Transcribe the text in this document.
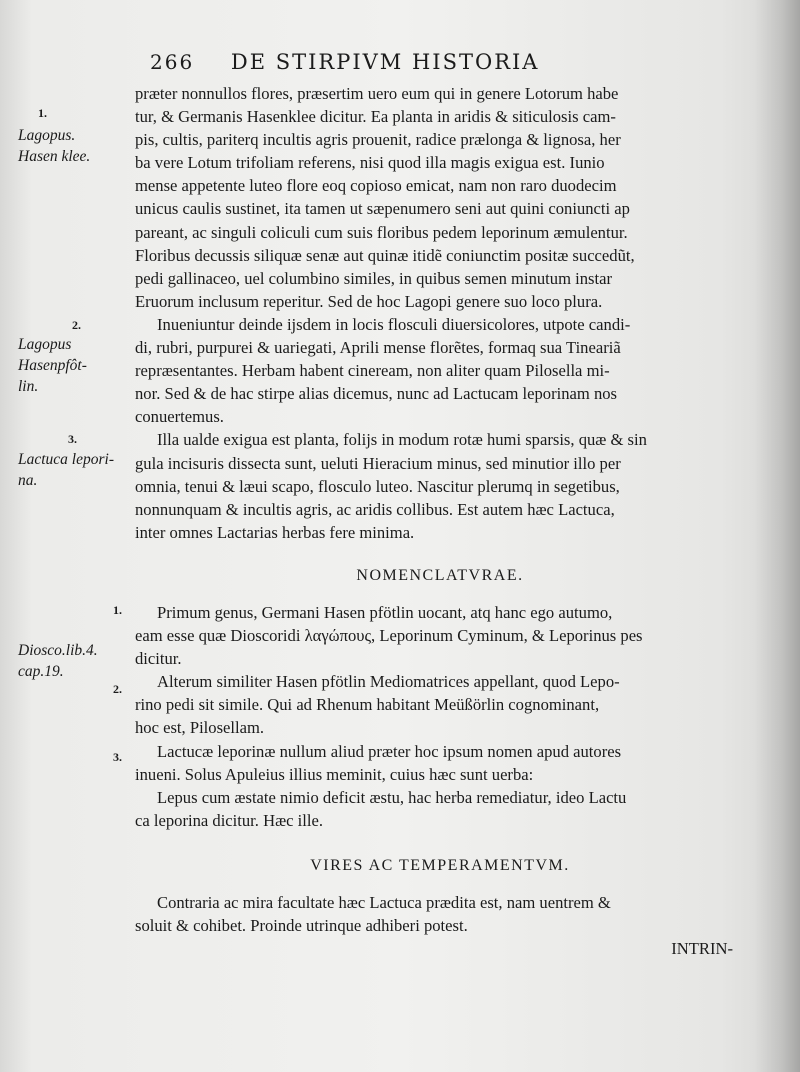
266 DE STIRPIVM HISTORIA
1.
Lagopus.
Hasen klee.
2.
Lagopus
Hasenpfôt-
lin.
3.
Lactuca lepori-
na.
Diosco.lib.4.
cap.19.
præter nonnullos flores, præsertim uero eum qui in genere Lotorum habe
tur, & Germanis Hasenklee dicitur. Ea planta in aridis & siticulosis cam-
pis, cultis, pariterq incultis agris prouenit, radice prælonga & lignosa, her
ba vere Lotum trifoliam referens, nisi quod illa magis exigua est. Iunio
mense appetente luteo flore eoq copioso emicat, nam non raro duodecim
unicus caulis sustinet, ita tamen ut sæpenumero seni aut quini coniuncti ap
pareant, ac singuli coliculi cum suis floribus pedem leporinum æmulentur.
Floribus decussis siliquæ senæ aut quinæ itidẽ coniunctim positæ succedũt,
pedi gallinaceo, uel columbino similes, in quibus semen minutum instar
Eruorum inclusum reperitur. Sed de hoc Lagopi genere suo loco plura.
Inueniuntur deinde ijsdem in locis flosculi diuersicolores, utpote candi-
di, rubri, purpurei & uariegati, Aprili mense florẽtes, formaq sua Tineariã
repræsentantes. Herbam habent cineream, non aliter quam Pilosella mi-
nor. Sed & de hac stirpe alias dicemus, nunc ad Lactucam leporinam nos
conuertemus.
Illa ualde exigua est planta, folijs in modum rotæ humi sparsis, quæ & sin
gula incisuris dissecta sunt, ueluti Hieracium minus, sed minutior illo per
omnia, tenui & læui scapo, flosculo luteo. Nascitur plerumq in segetibus,
nonnunquam & incultis agris, ac aridis collibus. Est autem hæc Lactuca,
inter omnes Lactarias herbas fere minima.
NOMENCLATVRAE.
1.	Primum genus, Germani Hasen pfötlin uocant, atq hanc ego autumo,
eam esse quæ Dioscoridi λαγώπους, Leporinum Cyminum, & Leporinus pes
dicitur.
2.	Alterum similiter Hasen pfötlin Mediomatrices appellant, quod Lepo-
rino pedi sit simile. Qui ad Rhenum habitant Meüßörlin cognominant,
hoc est, Pilosellam.
3.	Lactucæ leporinæ nullum aliud præter hoc ipsum nomen apud autores
inueni. Solus Apuleius illius meminit, cuius hæc sunt uerba:
Lepus cum æstate nimio deficit æstu, hac herba remediatur, ideo Lactu
ca leporina dicitur. Hæc ille.
VIRES AC TEMPERAMENTVM.
Contraria ac mira facultate hæc Lactuca prædita est, nam uentrem &
soluit & cohibet. Proinde utrinque adhiberi potest.
INTRIN-
